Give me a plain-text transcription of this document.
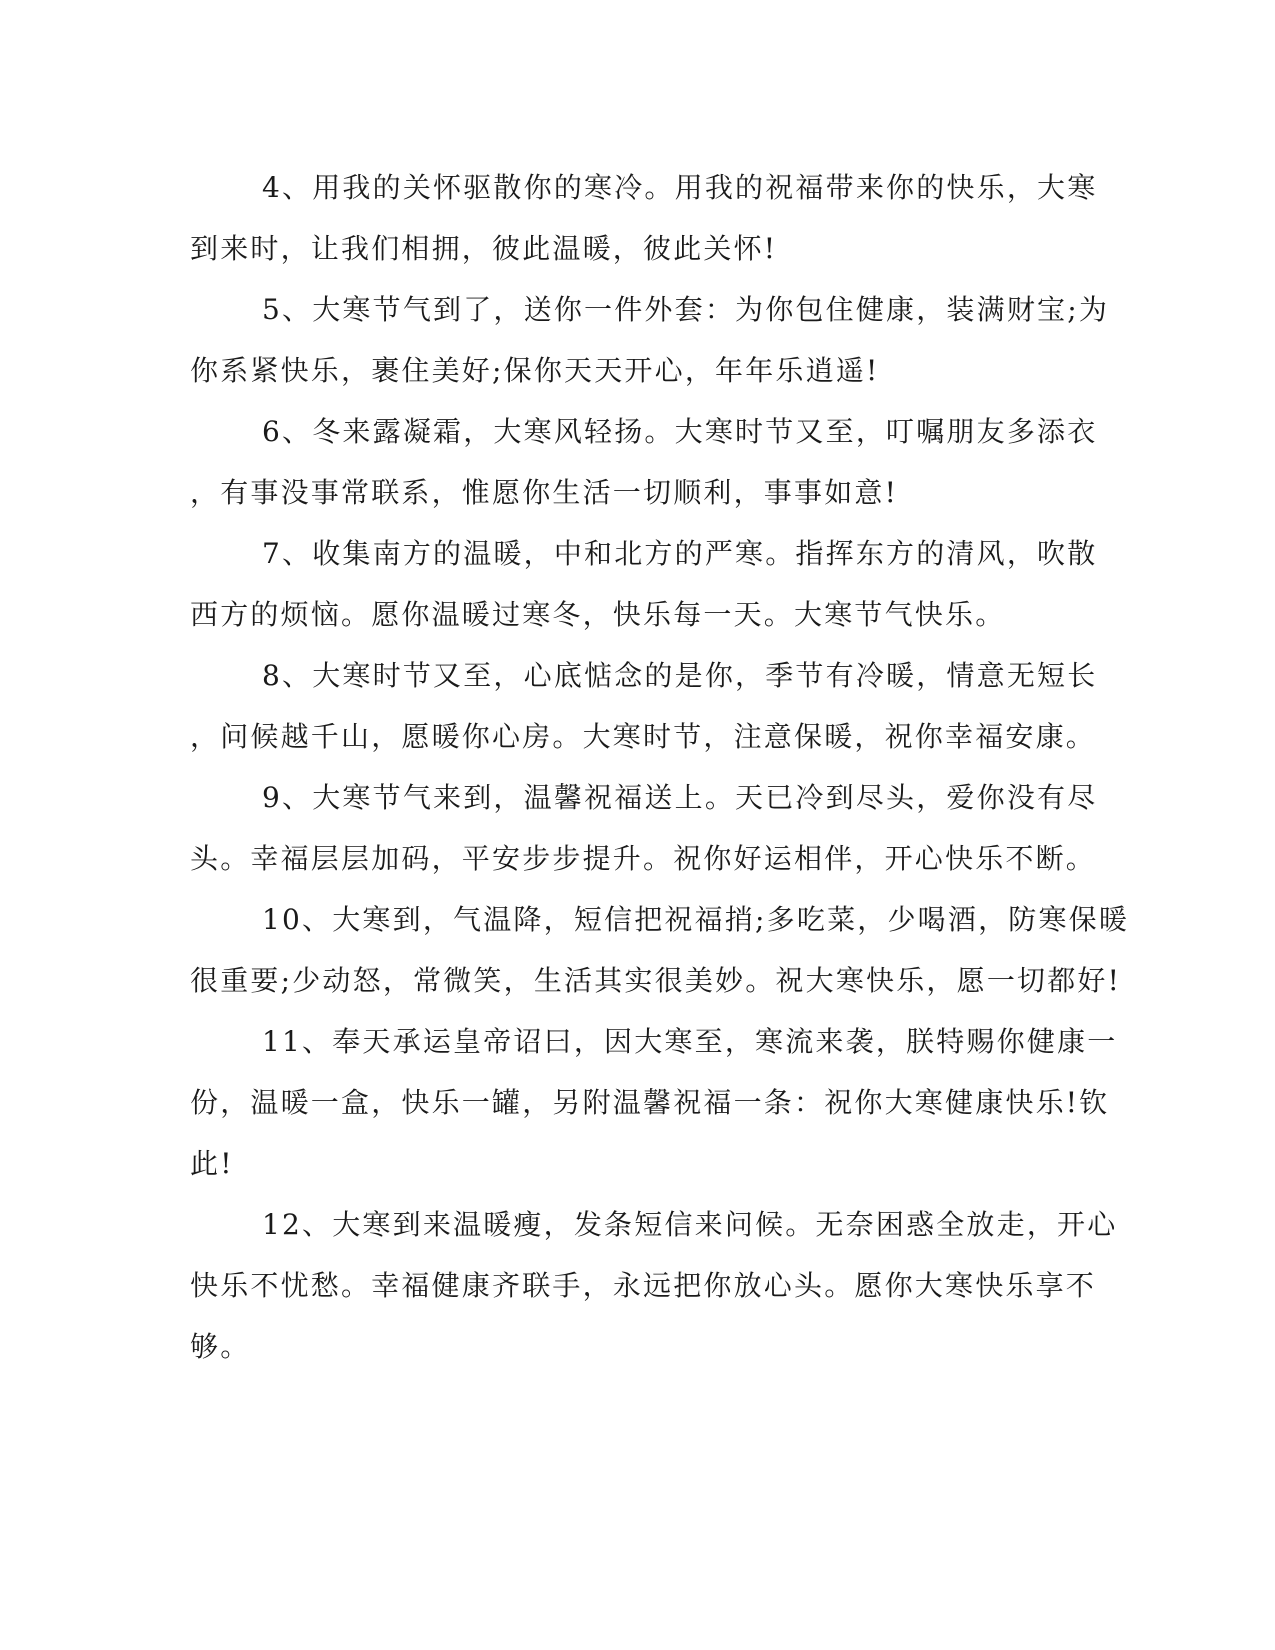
4、用我的关怀驱散你的寒冷。用我的祝福带来你的快乐，大寒
到来时，让我们相拥，彼此温暖，彼此关怀!

5、大寒节气到了，送你一件外套：为你包住健康，装满财宝;为
你系紧快乐，裹住美好;保你天天开心，年年乐逍遥!

6、冬来露凝霜，大寒风轻扬。大寒时节又至，叮嘱朋友多添衣
，有事没事常联系，惟愿你生活一切顺利，事事如意!

7、收集南方的温暖，中和北方的严寒。指挥东方的清风，吹散
西方的烦恼。愿你温暖过寒冬，快乐每一天。大寒节气快乐。

8、大寒时节又至，心底惦念的是你，季节有冷暖，情意无短长
，问候越千山，愿暖你心房。大寒时节，注意保暖，祝你幸福安康。

9、大寒节气来到，温馨祝福送上。天已冷到尽头，爱你没有尽
头。幸福层层加码，平安步步提升。祝你好运相伴，开心快乐不断。

10、大寒到，气温降，短信把祝福捎;多吃菜，少喝酒，防寒保暖
很重要;少动怒，常微笑，生活其实很美妙。祝大寒快乐，愿一切都好!

11、奉天承运皇帝诏曰，因大寒至，寒流来袭，朕特赐你健康一
份，温暖一盒，快乐一罐，另附温馨祝福一条：祝你大寒健康快乐!钦
此!

12、大寒到来温暖瘦，发条短信来问候。无奈困惑全放走，开心
快乐不忧愁。幸福健康齐联手，永远把你放心头。愿你大寒快乐享不
够。
